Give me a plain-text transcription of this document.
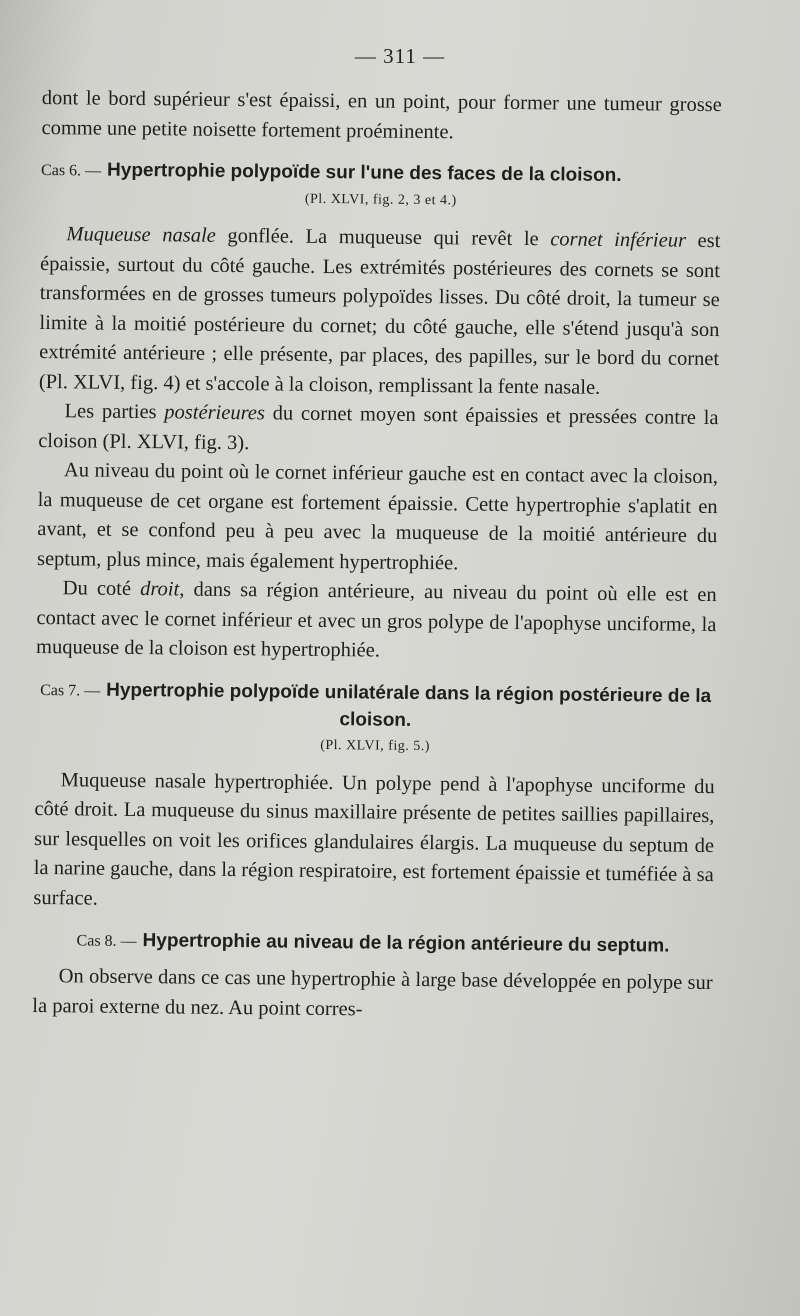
— 311 —

dont le bord supérieur s'est épaissi, en un point, pour former une tumeur grosse comme une petite noisette fortement proéminente.

Cas 6. — Hypertrophie polypoïde sur l'une des faces de la cloison.
(Pl. XLVI, fig. 2, 3 et 4.)

Muqueuse nasale gonflée. La muqueuse qui revêt le cornet inférieur est épaissie, surtout du côté gauche. Les extrémités postérieures des cornets se sont transformées en de grosses tumeurs polypoïdes lisses. Du côté droit, la tumeur se limite à la moitié postérieure du cornet; du côté gauche, elle s'étend jusqu'à son extrémité antérieure ; elle présente, par places, des papilles, sur le bord du cornet (Pl. XLVI, fig. 4) et s'accole à la cloison, remplissant la fente nasale.

Les parties postérieures du cornet moyen sont épaissies et pressées contre la cloison (Pl. XLVI, fig. 3).

Au niveau du point où le cornet inférieur gauche est en contact avec la cloison, la muqueuse de cet organe est fortement épaissie. Cette hypertrophie s'aplatit en avant, et se confond peu à peu avec la muqueuse de la moitié antérieure du septum, plus mince, mais également hypertrophiée.

Du coté droit, dans sa région antérieure, au niveau du point où elle est en contact avec le cornet inférieur et avec un gros polype de l'apophyse unciforme, la muqueuse de la cloison est hypertrophiée.

Cas 7. — Hypertrophie polypoïde unilatérale dans la région postérieure de la cloison.
(Pl. XLVI, fig. 5.)

Muqueuse nasale hypertrophiée. Un polype pend à l'apophyse unciforme du côté droit. La muqueuse du sinus maxillaire présente de petites saillies papillaires, sur lesquelles on voit les orifices glandulaires élargis. La muqueuse du septum de la narine gauche, dans la région respiratoire, est fortement épaissie et tuméfiée à sa surface.

Cas 8. — Hypertrophie au niveau de la région antérieure du septum.

On observe dans ce cas une hypertrophie à large base développée en polype sur la paroi externe du nez. Au point corres-
